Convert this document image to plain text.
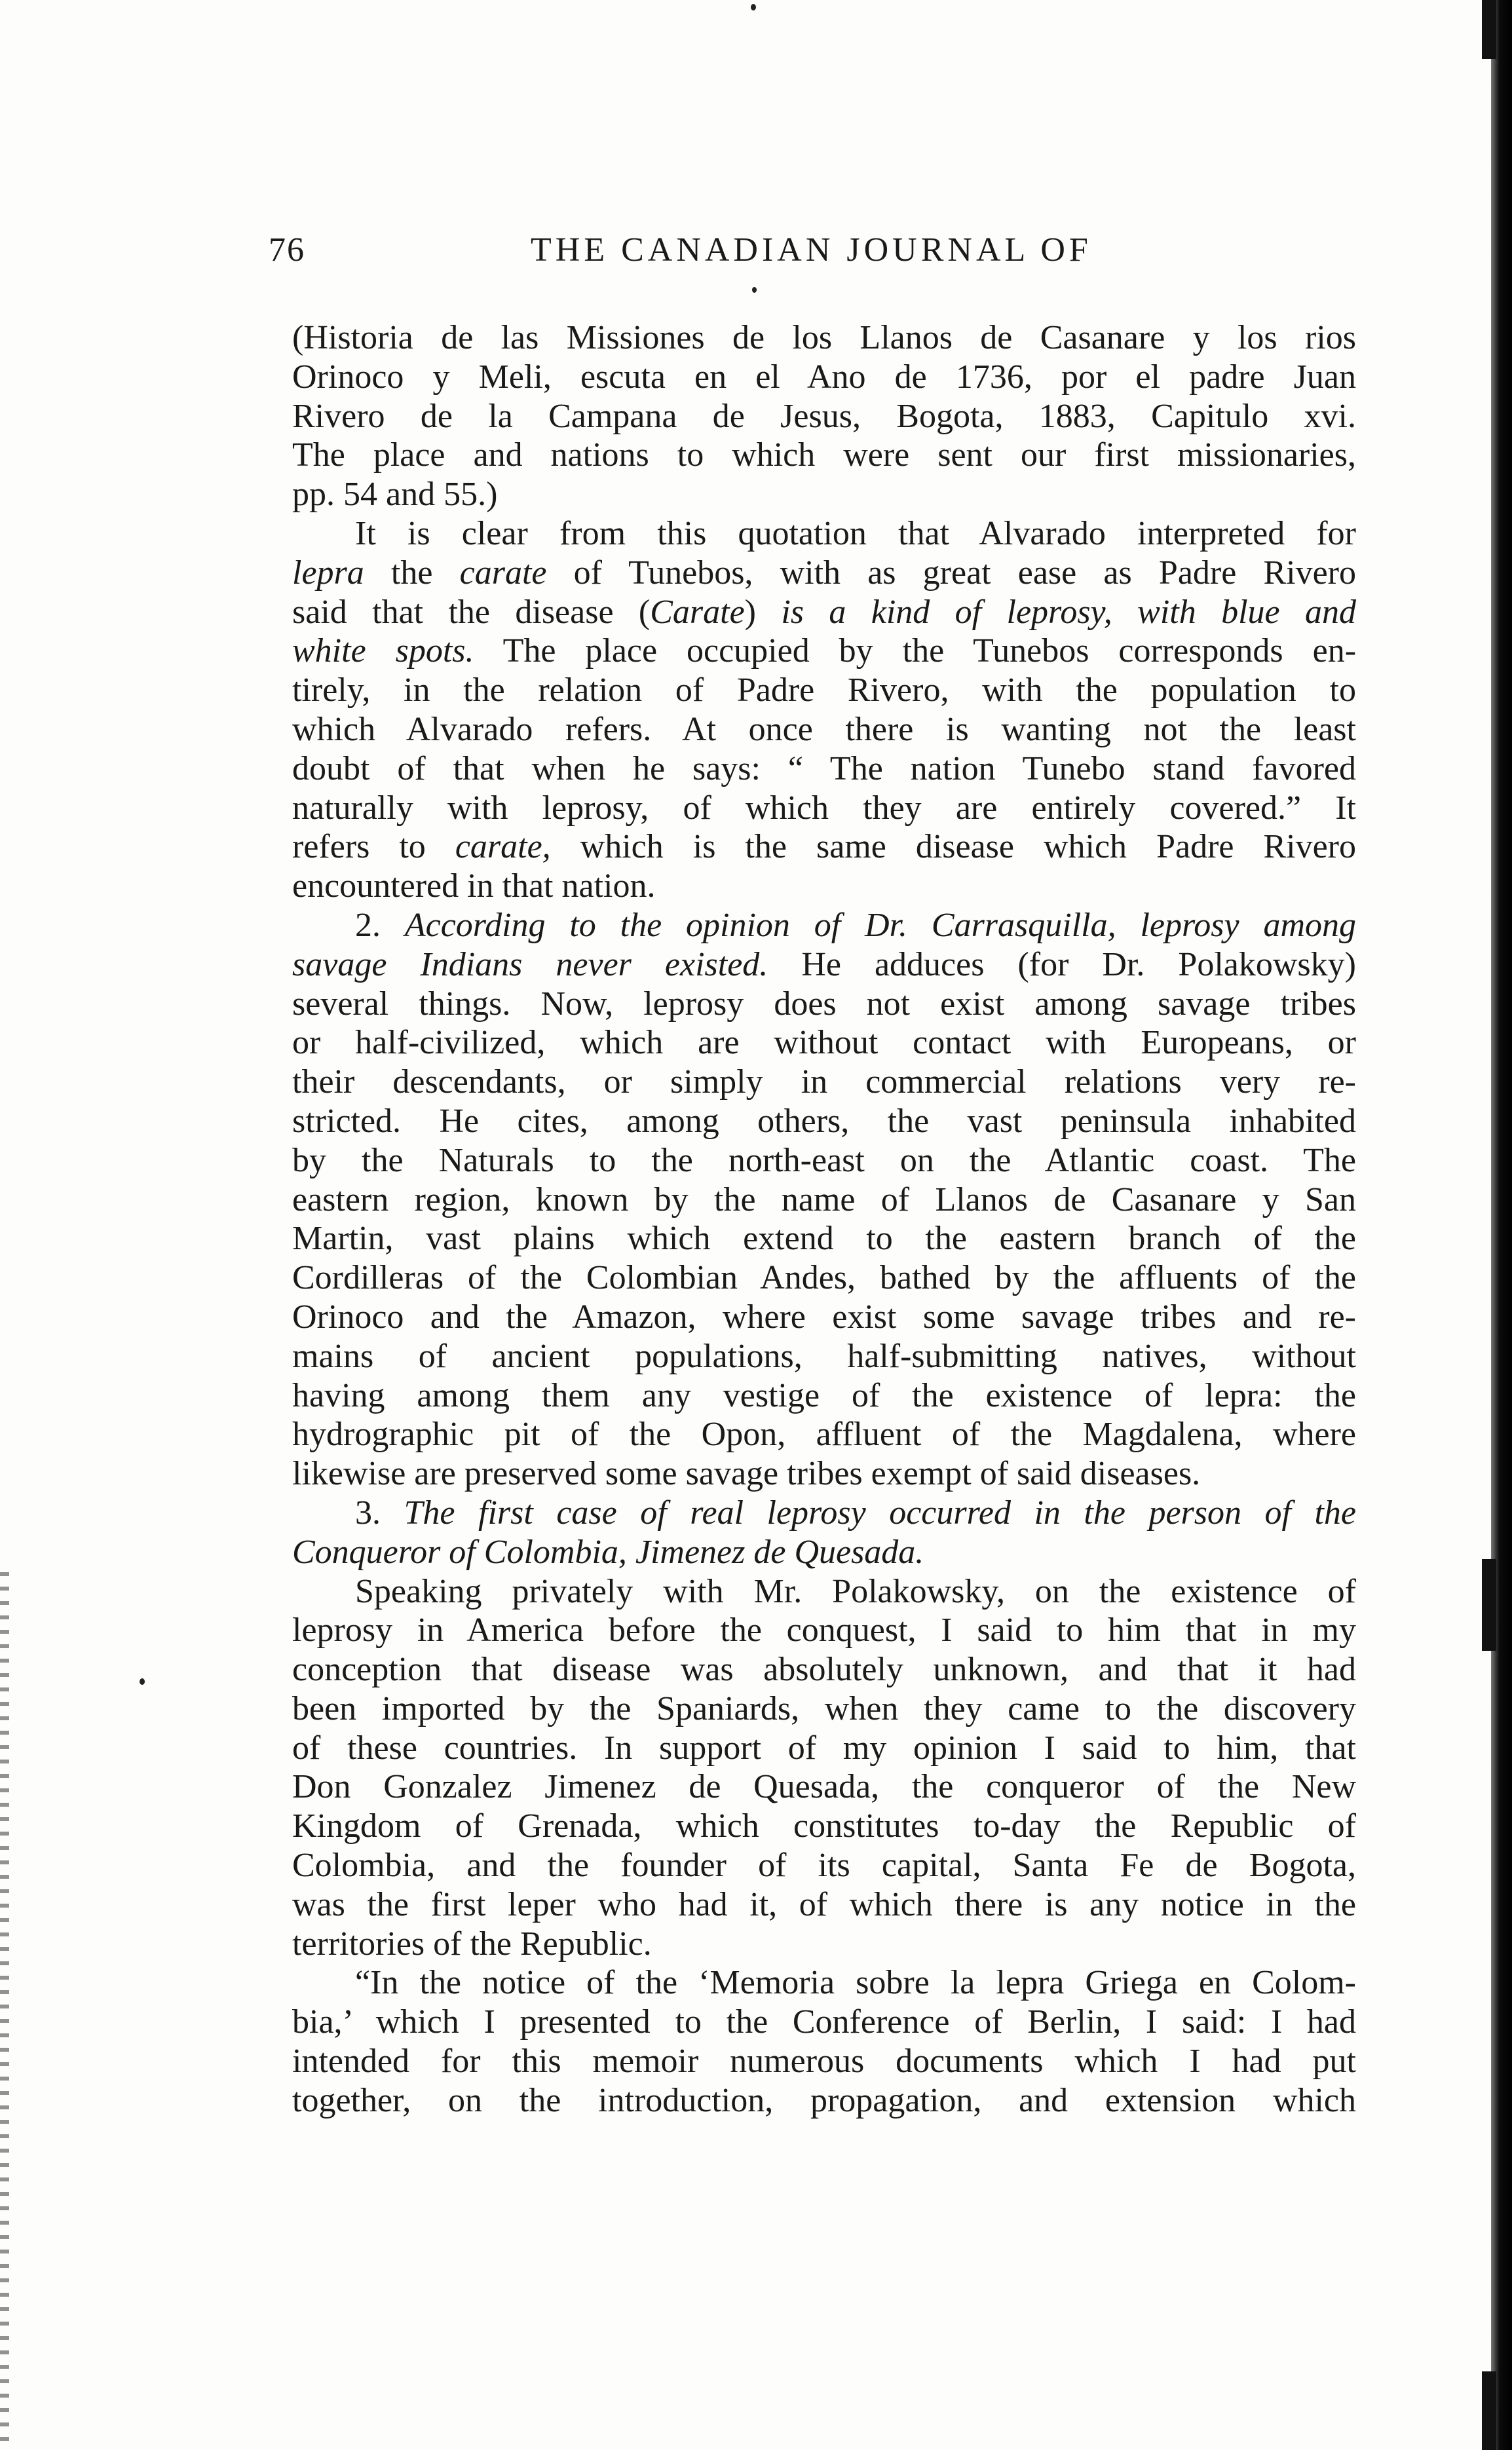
76	THE CANADIAN JOURNAL OF
(Historia de las Missiones de los Llanos de Casanare y los rios
Orinoco y Meli, escuta en el Ano de 1736, por el padre Juan
Rivero de la Campana de Jesus, Bogota, 1883, Capitulo xvi.
The place and nations to which were sent our first missionaries,
pp. 54 and 55.)
It is clear from this quotation that Alvarado interpreted for
lepra the carate of Tunebos, with as great ease as Padre Rivero
said that the disease (Carate) is a kind of leprosy, with blue and
white spots. The place occupied by the Tunebos corresponds en-
tirely, in the relation of Padre Rivero, with the population to
which Alvarado refers. At once there is wanting not the least
doubt of that when he says: “ The nation Tunebo stand favored
naturally with leprosy, of which they are entirely covered.” It
refers to carate, which is the same disease which Padre Rivero
encountered in that nation.
2. According to the opinion of Dr. Carrasquilla, leprosy among
savage Indians never existed. He adduces (for Dr. Polakowsky)
several things. Now, leprosy does not exist among savage tribes
or half-civilized, which are without contact with Europeans, or
their descendants, or simply in commercial relations very re-
stricted. He cites, among others, the vast peninsula inhabited
by the Naturals to the north-east on the Atlantic coast. The
eastern region, known by the name of Llanos de Casanare y San
Martin, vast plains which extend to the eastern branch of the
Cordilleras of the Colombian Andes, bathed by the affluents of the
Orinoco and the Amazon, where exist some savage tribes and re-
mains of ancient populations, half-submitting natives, without
having among them any vestige of the existence of lepra: the
hydrographic pit of the Opon, affluent of the Magdalena, where
likewise are preserved some savage tribes exempt of said diseases.
3. The first case of real leprosy occurred in the person of the
Conqueror of Colombia, Jimenez de Quesada.
Speaking privately with Mr. Polakowsky, on the existence of
leprosy in America before the conquest, I said to him that in my
conception that disease was absolutely unknown, and that it had
been imported by the Spaniards, when they came to the discovery
of these countries. In support of my opinion I said to him, that
Don Gonzalez Jimenez de Quesada, the conqueror of the New
Kingdom of Grenada, which constitutes to-day the Republic of
Colombia, and the founder of its capital, Santa Fe de Bogota,
was the first leper who had it, of which there is any notice in the
territories of the Republic.
“In the notice of the ‘Memoria sobre la lepra Griega en Colom-
bia,’ which I presented to the Conference of Berlin, I said: I had
intended for this memoir numerous documents which I had put
together, on the introduction, propagation, and extension which
